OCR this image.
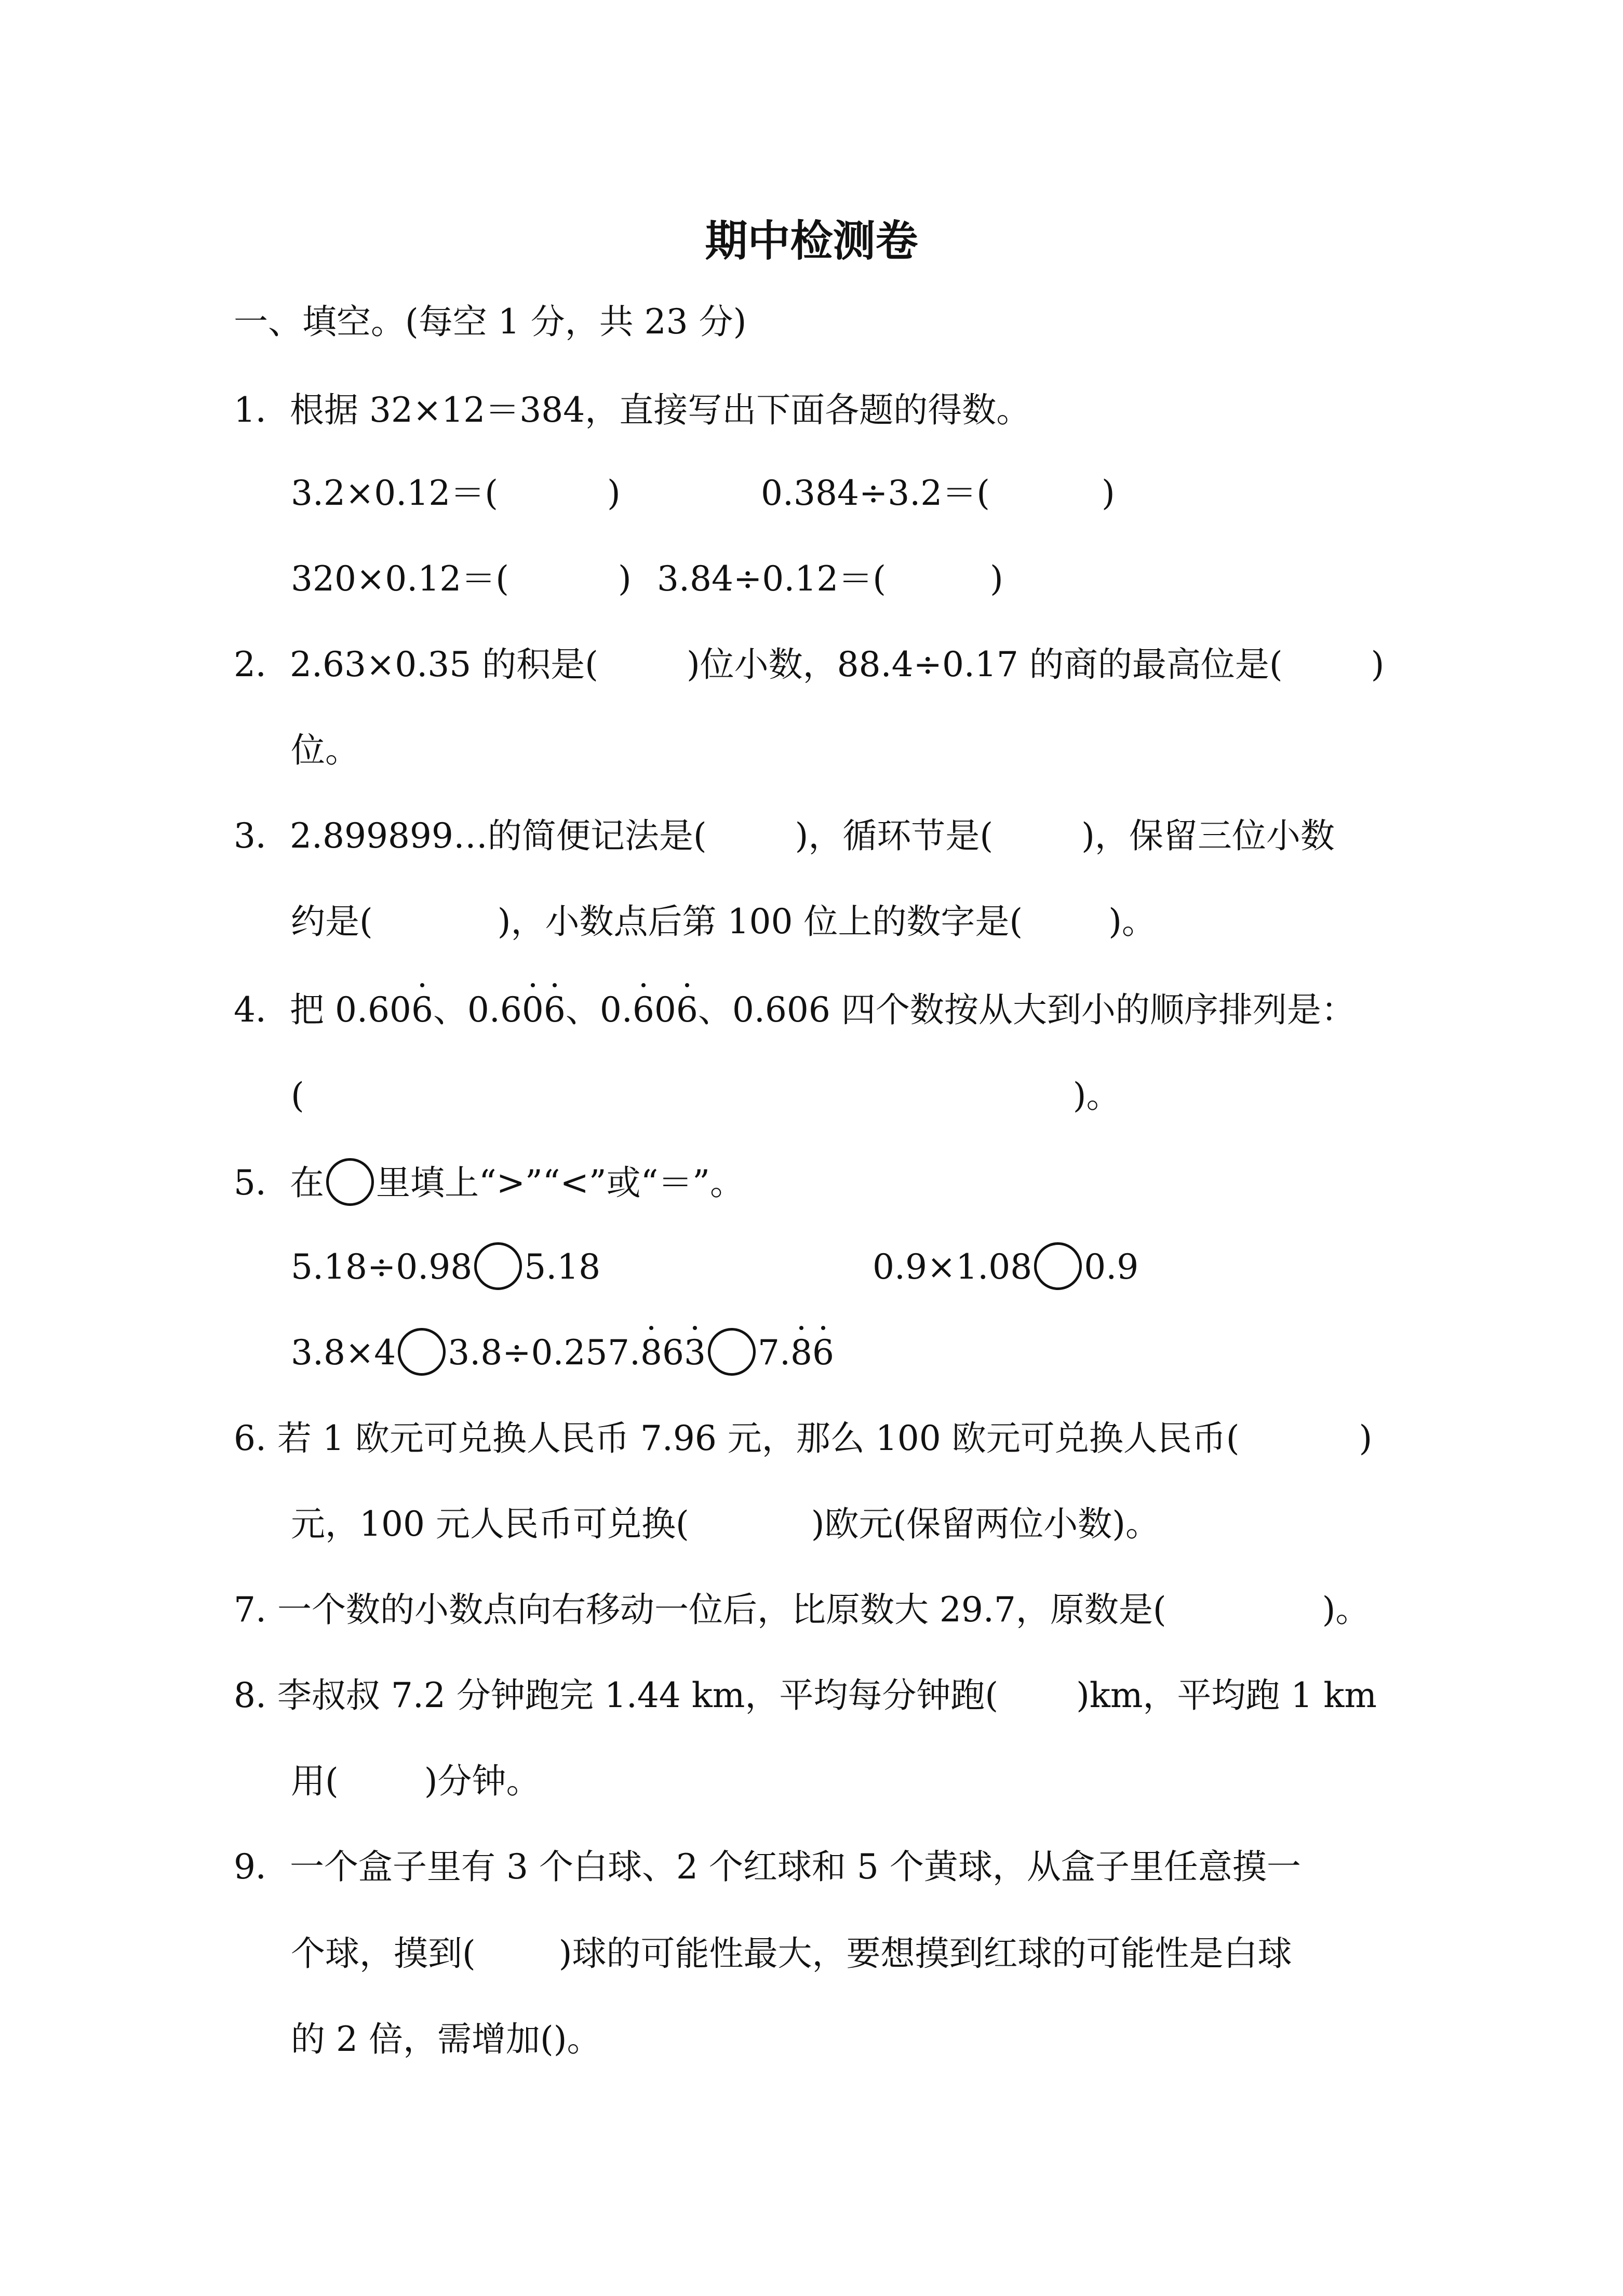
期中检测卷
一、填空。(每空 1 分，共 23 分)
1．根据 32×12＝384，直接写出下面各题的得数。
3.2×0.12＝(	)	0.384÷3.2＝(	)
320×0.12＝(	) 3.84÷0.12＝(	)
2．2.63×0.35 的积是(	)位小数，88.4÷0.17 的商的最高位是(	)
位。
3．2.899899…的简便记法是(	)，循环节是(	)，保留三位小数
约是(	)，小数点后第 100 位上的数字是(	)。
4．把 0.606、0.606、0.606、0.606 四个数按从大到小的顺序排列是：
(	)。
5．在 里填上“>”“<”或“＝”。
5.18÷0.98 5.18	0.9×1.08 0.9
3.8×4 3.8÷0.25 7.863 7.86
6. 若 1 欧元可兑换人民币 7.96 元，那么 100 欧元可兑换人民币(	)
元，100 元人民币可兑换(	)欧元(保留两位小数)。
7. 一个数的小数点向右移动一位后，比原数大 29.7，原数是(	)。
8. 李叔叔 7.2 分钟跑完 1.44 km，平均每分钟跑( )km，平均跑 1 km
用(	)分钟。
9．一个盒子里有 3 个白球、2 个红球和 5 个黄球，从盒子里任意摸一
个球，摸到( )球的可能性最大，要想摸到红球的可能性是白球
的 2 倍，需增加()。
